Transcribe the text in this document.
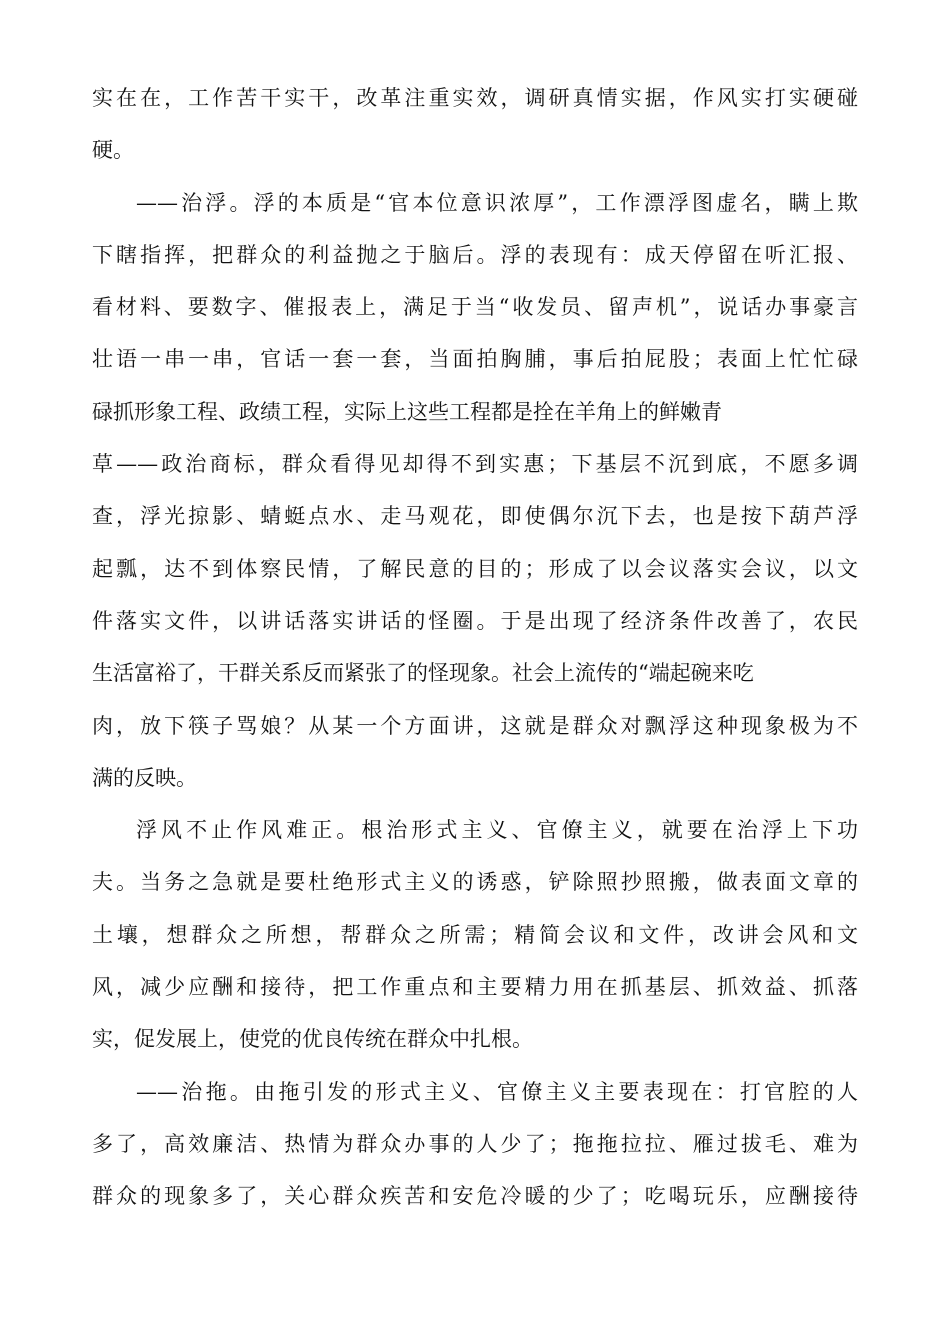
实在在，工作苦干实干，改革注重实效，调研真情实据，作风实打实硬碰
硬。
——治浮。浮的本质是“官本位意识浓厚”，工作漂浮图虚名，瞒上欺
下瞎指挥，把群众的利益抛之于脑后。浮的表现有：成天停留在听汇报、
看材料、要数字、催报表上，满足于当“收发员、留声机”，说话办事豪言
壮语一串一串，官话一套一套，当面拍胸脯，事后拍屁股；表面上忙忙碌
碌抓形象工程、政绩工程，实际上这些工程都是拴在羊角上的鲜嫩青
草——政治商标，群众看得见却得不到实惠；下基层不沉到底，不愿多调
查，浮光掠影、蜻蜓点水、走马观花，即使偶尔沉下去，也是按下葫芦浮
起瓢，达不到体察民情，了解民意的目的；形成了以会议落实会议，以文
件落实文件，以讲话落实讲话的怪圈。于是出现了经济条件改善了，农民
生活富裕了，干群关系反而紧张了的怪现象。社会上流传的“端起碗来吃
肉，放下筷子骂娘？从某一个方面讲，这就是群众对飘浮这种现象极为不
满的反映。
浮风不止作风难正。根治形式主义、官僚主义，就要在治浮上下功
夫。当务之急就是要杜绝形式主义的诱惑，铲除照抄照搬，做表面文章的
土壤，想群众之所想，帮群众之所需；精简会议和文件，改讲会风和文
风，减少应酬和接待，把工作重点和主要精力用在抓基层、抓效益、抓落
实，促发展上，使党的优良传统在群众中扎根。
——治拖。由拖引发的形式主义、官僚主义主要表现在：打官腔的人
多了，高效廉洁、热情为群众办事的人少了；拖拖拉拉、雁过拔毛、难为
群众的现象多了，关心群众疾苦和安危冷暖的少了；吃喝玩乐，应酬接待
